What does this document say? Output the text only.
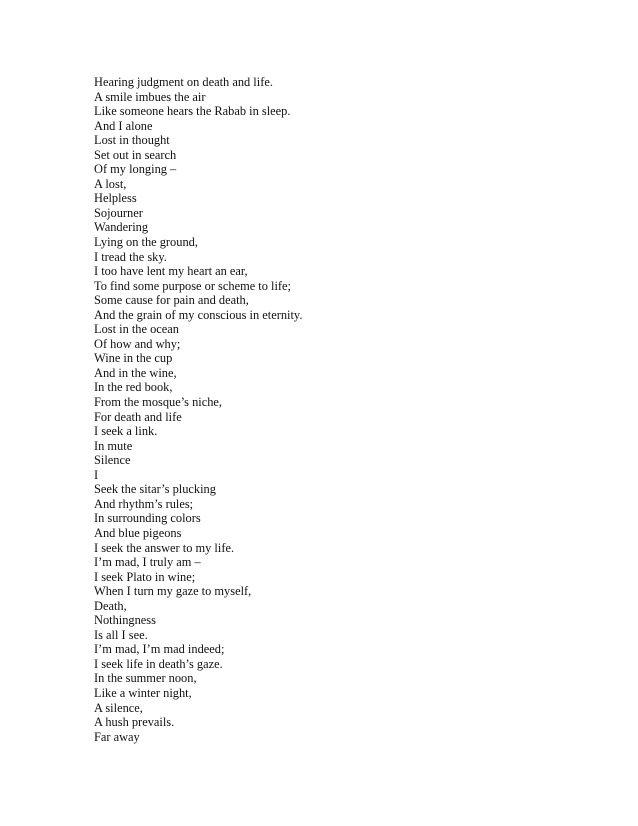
Hearing judgment on death and life.
A smile imbues the air
Like someone hears the Rabab in sleep.
And I alone
Lost in thought
Set out in search
Of my longing –
A lost,
Helpless
Sojourner
Wandering
Lying on the ground,
I tread the sky.
I too have lent my heart an ear,
To find some purpose or scheme to life;
Some cause for pain and death,
And the grain of my conscious in eternity.
Lost in the ocean
Of how and why;
Wine in the cup
And in the wine,
In the red book,
From the mosque’s niche,
For death and life
I seek a link.
In mute
Silence
I
Seek the sitar’s plucking
And rhythm’s rules;
In surrounding colors
And blue pigeons
I seek the answer to my life.
I’m mad, I truly am –
I seek Plato in wine;
When I turn my gaze to myself,
Death,
Nothingness
Is all I see.
I’m mad, I’m mad indeed;
I seek life in death’s gaze.
In the summer noon,
Like a winter night,
A silence,
A hush prevails.
Far away
